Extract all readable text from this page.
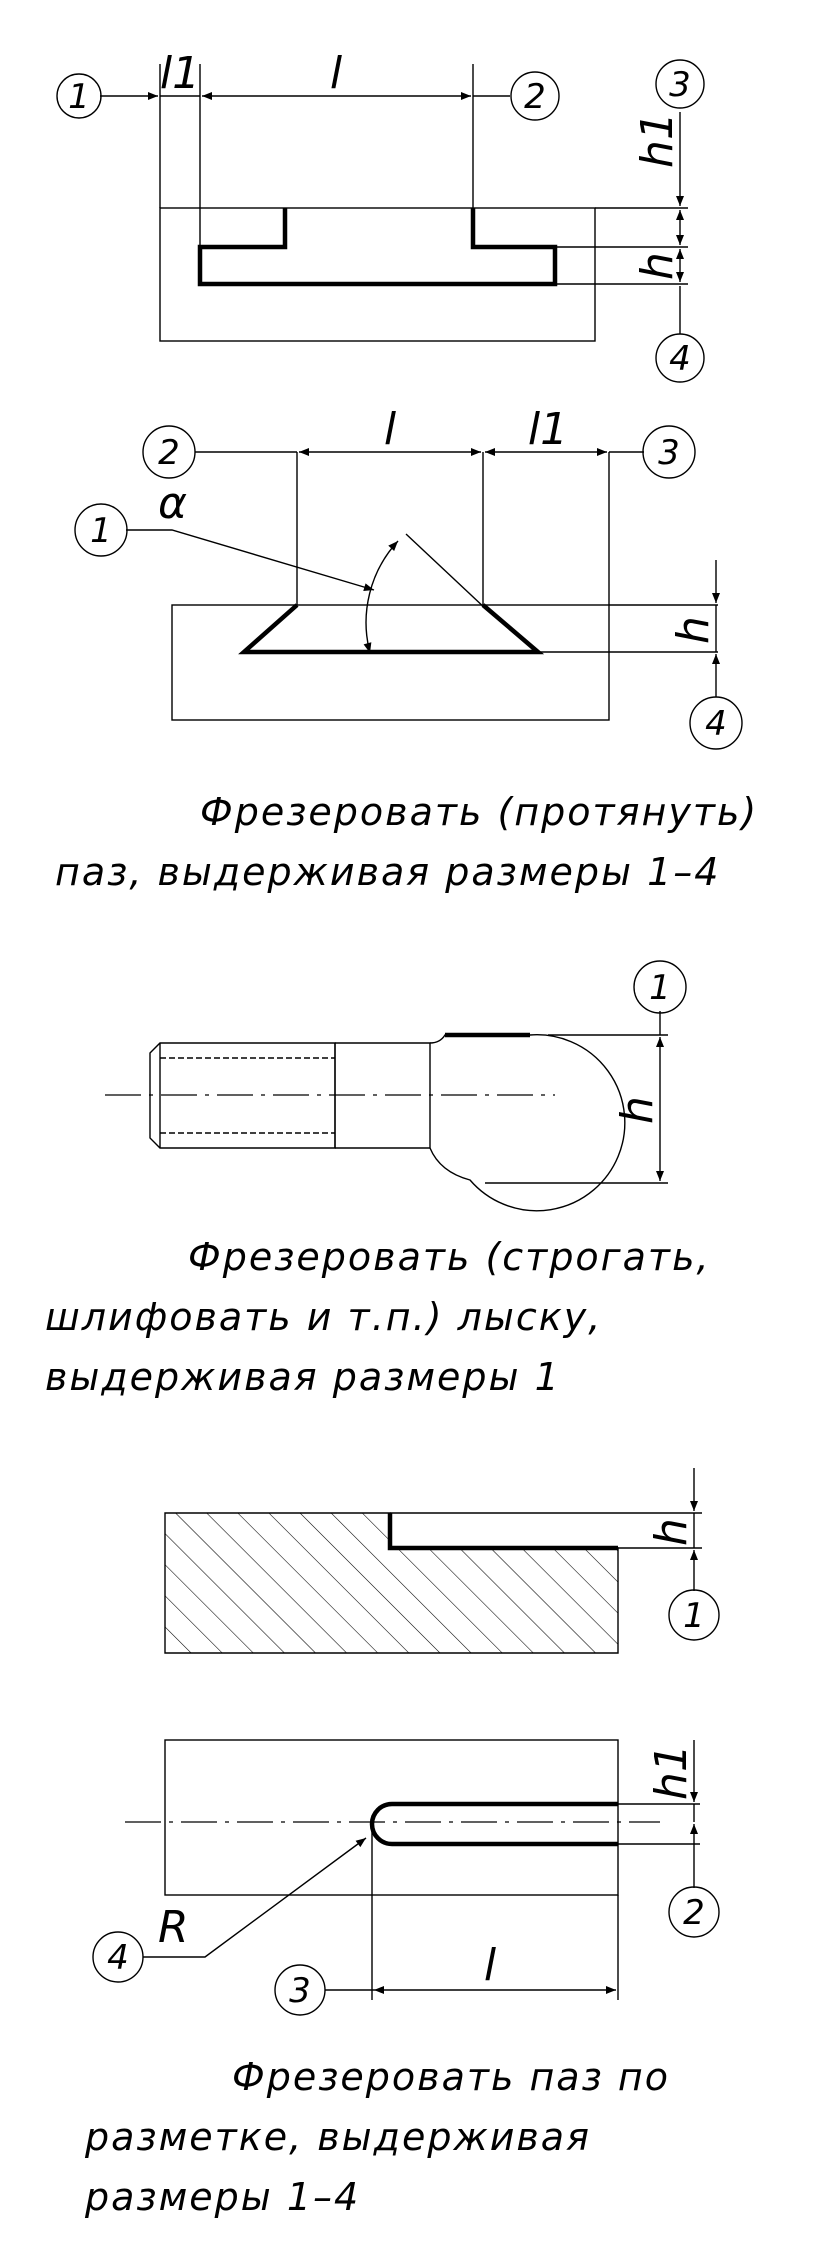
1	2	3
4
l1	l
h1
h
2	3
1
4
l	l1
h
α
Фрезеровать (протянуть)
паз, выдерживая размеры 1–4
1
h
Фрезеровать (строгать,
шлифовать и т.п.) лыску,
выдерживая размеры 1
1
h
2
3
4
h1
l
R
Фрезеровать паз по
разметке, выдерживая
размеры 1–4
